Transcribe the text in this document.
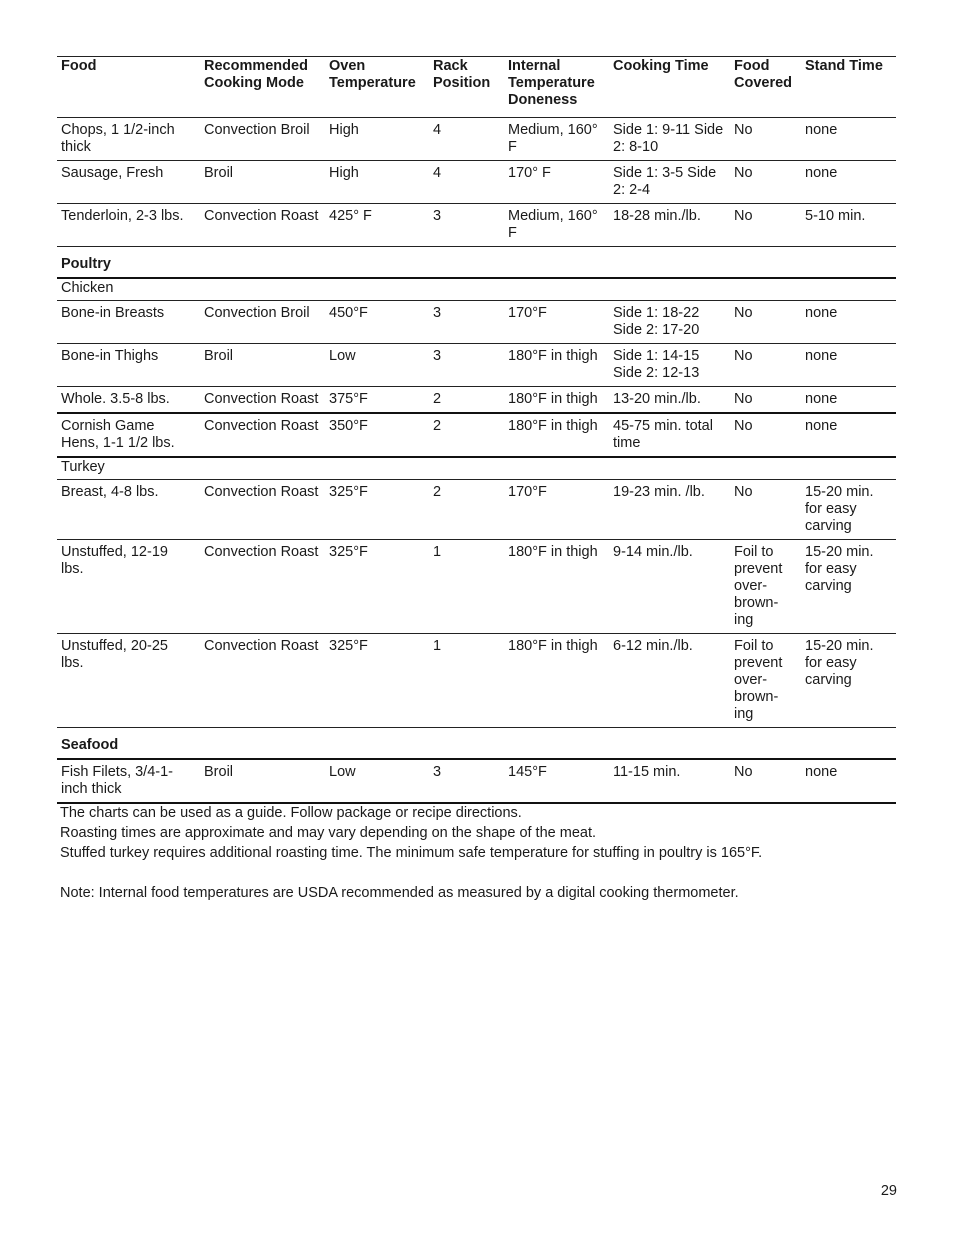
Food	Recommended Cooking Mode	Oven Temperature	Rack Position	Internal Temperature Doneness	Cooking Time	Food Covered	Stand Time
Chops, 1 1/2-inch thick	Convection Broil	High	4	Medium, 160° F	Side 1: 9-11 Side 2: 8-10	No	none
Sausage, Fresh	Broil	High	4	170° F	Side 1: 3-5 Side 2: 2-4	No	none
Tenderloin, 2-3 lbs.	Convection Roast	425° F	3	Medium, 160° F	18-28 min./lb.	No	5-10 min.
Poultry							
Chicken							
Bone-in Breasts	Convection Broil	450°F	3	170°F	Side 1: 18-22 Side 2: 17-20	No	none
Bone-in Thighs	Broil	Low	3	180°F in thigh	Side 1: 14-15 Side 2: 12-13	No	none
Whole. 3.5-8 lbs.	Convection Roast	375°F	2	180°F in thigh	13-20 min./lb.	No	none
Cornish Game Hens, 1-1 1/2 lbs.	Convection Roast	350°F	2	180°F in thigh	45-75 min. total time	No	none
Turkey							
Breast, 4-8 lbs.	Convection Roast	325°F	2	170°F	19-23 min. /lb.	No	15-20 min. for easy carving
Unstuffed, 12-19 lbs.	Convection Roast	325°F	1	180°F in thigh	9-14 min./lb.	Foil to prevent over-brown-ing	15-20 min. for easy carving
Unstuffed, 20-25 lbs.	Convection Roast	325°F	1	180°F in thigh	6-12 min./lb.	Foil to prevent over-brown-ing	15-20 min. for easy carving
Seafood							
Fish Filets, 3/4-1-inch thick	Broil	Low	3	145°F	11-15 min.	No	none

The charts can be used as a guide. Follow package or recipe directions.

Roasting times are approximate and may vary depending on the shape of the meat.

Stuffed turkey requires additional roasting time. The minimum safe temperature for stuffing in poultry is 165°F.

Note: Internal food temperatures are USDA recommended as measured by a digital cooking thermometer.

29
